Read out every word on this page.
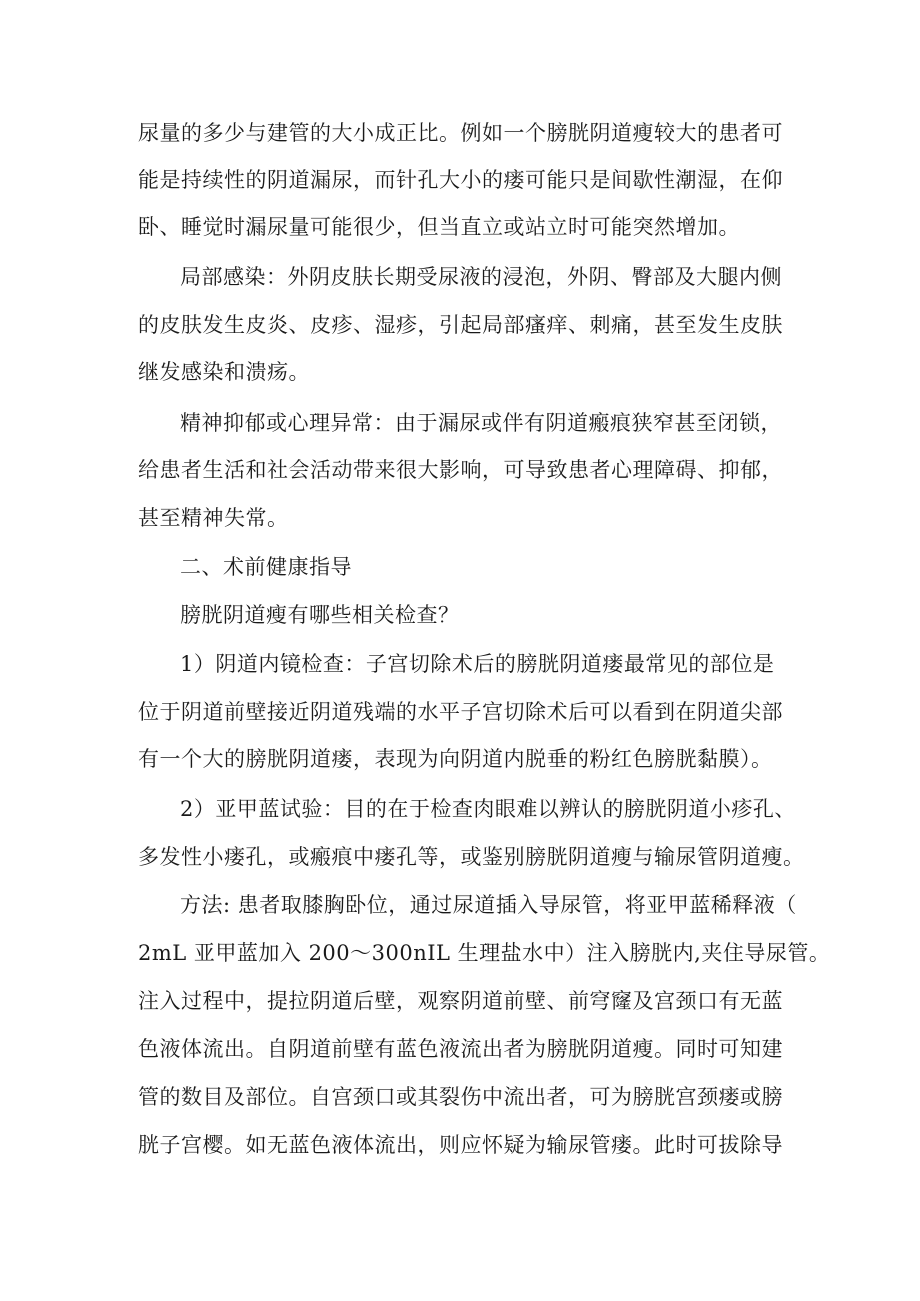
尿量的多少与建管的大小成正比。例如一个膀胱阴道瘦较大的患者可
能是持续性的阴道漏尿，而针孔大小的瘘可能只是间歇性潮湿，在仰
卧、睡觉时漏尿量可能很少，但当直立或站立时可能突然增加。
局部感染：外阴皮肤长期受尿液的浸泡，外阴、臀部及大腿内侧
的皮肤发生皮炎、皮疹、湿疹，引起局部瘙痒、刺痛，甚至发生皮肤
继发感染和溃疡。
精神抑郁或心理异常：由于漏尿或伴有阴道瘢痕狭窄甚至闭锁，
给患者生活和社会活动带来很大影响，可导致患者心理障碍、抑郁，
甚至精神失常。
二、术前健康指导
膀胱阴道瘦有哪些相关检查？
1）阴道内镜检查：子宫切除术后的膀胱阴道瘘最常见的部位是
位于阴道前壁接近阴道残端的水平子宫切除术后可以看到在阴道尖部
有一个大的膀胱阴道瘘，表现为向阴道内脱垂的粉红色膀胱黏膜）。
2）亚甲蓝试验：目的在于检查肉眼难以辨认的膀胱阴道小疹孔、
多发性小瘘孔，或瘢痕中瘘孔等，或鉴别膀胱阴道瘦与输尿管阴道瘦。
方法: 患者取膝胸卧位，通过尿道插入导尿管，将亚甲蓝稀释液（
2mL 亚甲蓝加入 200～300nIL 生理盐水中）注入膀胱内,夹住导尿管。
注入过程中，提拉阴道后壁，观察阴道前壁、前穹窿及宫颈口有无蓝
色液体流出。自阴道前壁有蓝色液流出者为膀胱阴道瘦。同时可知建
管的数目及部位。自宫颈口或其裂伤中流出者，可为膀胱宫颈瘘或膀
胱子宫樱。如无蓝色液体流出，则应怀疑为输尿管瘘。此时可拔除导
